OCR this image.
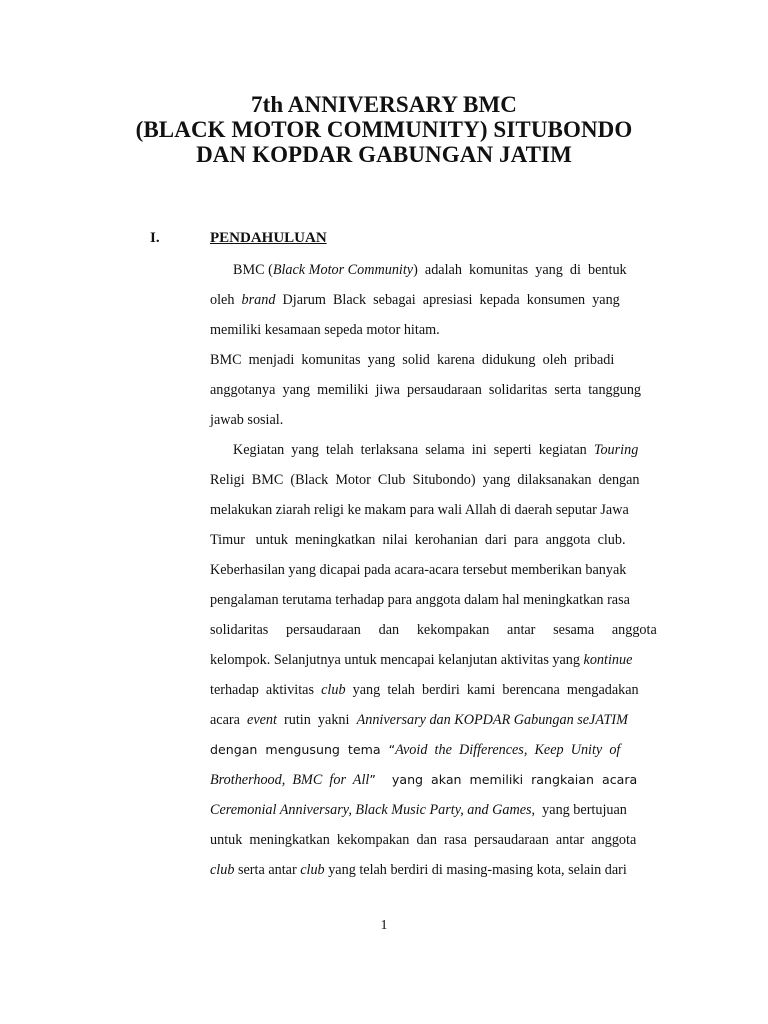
7th ANNIVERSARY BMC
(BLACK MOTOR COMMUNITY) SITUBONDO
DAN KOPDAR GABUNGAN JATIM
I.	PENDAHULUAN
BMC (Black Motor Community)  adalah  komunitas  yang  di  bentuk
oleh  brand  Djarum  Black  sebagai  apresiasi  kepada  konsumen  yang
memiliki kesamaan sepeda motor hitam.
BMC  menjadi  komunitas  yang  solid  karena  didukung  oleh  pribadi
anggotanya  yang  memiliki  jiwa  persaudaraan  solidaritas  serta  tanggung
jawab sosial.
Kegiatan  yang  telah  terlaksana  selama  ini  seperti  kegiatan  Touring
Religi  BMC  (Black  Motor  Club  Situbondo)  yang  dilaksanakan  dengan
melakukan ziarah religi ke makam para wali Allah di daerah seputar Jawa
Timur   untuk  meningkatkan  nilai  kerohanian  dari  para  anggota  club.
Keberhasilan yang dicapai pada acara-acara tersebut memberikan banyak
pengalaman terutama terhadap para anggota dalam hal meningkatkan rasa
solidaritas     persaudaraan     dan     kekompakan     antar     sesama     anggota
kelompok. Selanjutnya untuk mencapai kelanjutan aktivitas yang kontinue
terhadap  aktivitas  club  yang  telah  berdiri  kami  berencana  mengadakan
acara  event  rutin  yakni  Anniversary dan KOPDAR Gabungan seJATIM
dengan  mengusung  tema  “Avoid  the  Differences,  Keep  Unity  of
Brotherhood,  BMC  for  All”    yang  akan  memiliki  rangkaian  acara
Ceremonial Anniversary, Black Music Party, and Games,  yang bertujuan
untuk  meningkatkan  kekompakan  dan  rasa  persaudaraan  antar  anggota
club serta antar club yang telah berdiri di masing-masing kota, selain dari
1
